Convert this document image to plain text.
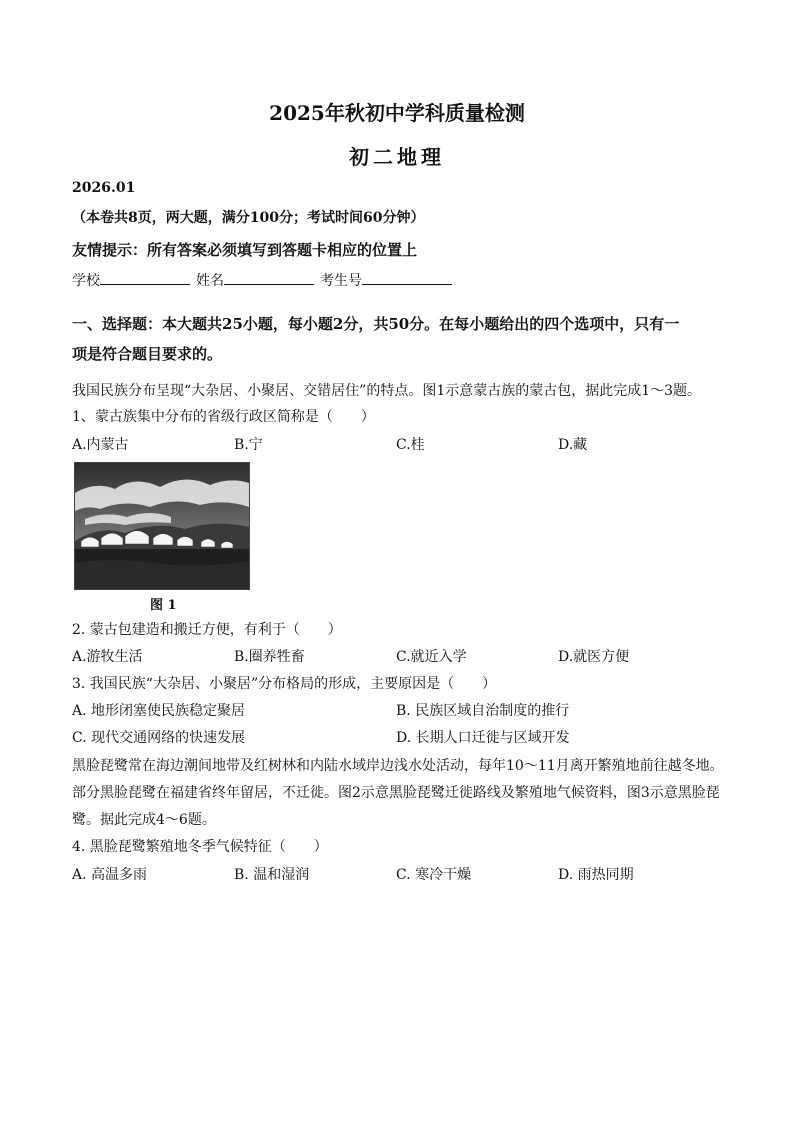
2025年秋初中学科质量检测
初二地理
2026.01
（本卷共8页，两大题，满分100分；考试时间60分钟）
友情提示：所有答案必须填写到答题卡相应的位置上
学校	姓名	考生号
一、选择题：本大题共25小题，每小题2分，共50分。在每小题给出的四个选项中，只有一
项是符合题目要求的。
我国民族分布呈现“大杂居、小聚居、交错居住”的特点。图1示意蒙古族的蒙古包，据此完成1～3题。
1、蒙古族集中分布的省级行政区简称是（　　）
A.内蒙古	B.宁	C.桂	D.藏
图 1
2. 蒙古包建造和搬迁方便，有利于（　　）
A.游牧生活	B.圈养牲畜	C.就近入学	D.就医方便
3. 我国民族“大杂居、小聚居”分布格局的形成，主要原因是（　　）
A. 地形闭塞使民族稳定聚居	B. 民族区域自治制度的推行
C. 现代交通网络的快速发展	D. 长期人口迁徙与区域开发
黑脸琵鹭常在海边潮间地带及红树林和内陆水域岸边浅水处活动，每年10～11月离开繁殖地前往越冬地。
部分黑脸琵鹭在福建省终年留居，不迁徙。图2示意黑脸琵鹭迁徙路线及繁殖地气候资料，图3示意黑脸琵
鹭。据此完成4～6题。
4. 黑脸琵鹭繁殖地冬季气候特征（　　）
A. 高温多雨	B. 温和湿润	C. 寒冷干燥	D. 雨热同期
